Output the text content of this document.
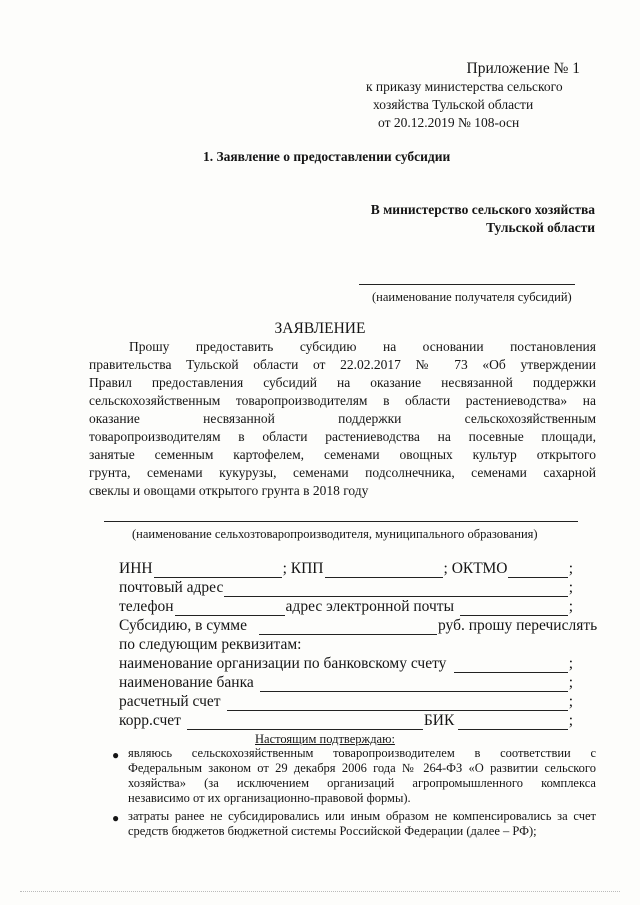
Приложение № 1
к приказу министерства сельского
хозяйства Тульской области
от 20.12.2019 № 108-осн
1. Заявление о предоставлении субсидии
В министерство сельского хозяйства
Тульской области
(наименование получателя субсидий)
ЗАЯВЛЕНИЕ
Прошу предоставить субсидию на основании постановления
правительства Тульской области от 22.02.2017 № 73 «Об утверждении
Правил предоставления субсидий на оказание несвязанной поддержки
сельскохозяйственным товаропроизводителям в области растениеводства» на
оказание несвязанной поддержки сельскохозяйственным
товаропроизводителям в области растениеводства на посевные площади,
занятые семенным картофелем, семенами овощных культур открытого
грунта, семенами кукурузы, семенами подсолнечника, семенами сахарной
свеклы и овощами открытого грунта в 2018 году
(наименование сельхозтоваропроизводителя, муниципального образования)
ИНН	; КПП	; ОКТМО	;
почтовый адрес	;
телефон	адрес электронной почты	;
Субсидию, в сумме	руб. прошу перечислять
по следующим реквизитам:
наименование организации по банковскому счету	;
наименование банка	;
расчетный счет	;
корр.счет	БИК	;
Настоящим подтверждаю:
● являюсь сельскохозяйственным товаропроизводителем в соответствии с
Федеральным законом от 29 декабря 2006 года № 264-ФЗ «О развитии сельского
хозяйства» (за исключением организаций агропромышленного комплекса
независимо от их организационно-правовой формы).
● затраты ранее не субсидировались или иным образом не компенсировались за счет
средств бюджетов бюджетной системы Российской Федерации (далее – РФ);
